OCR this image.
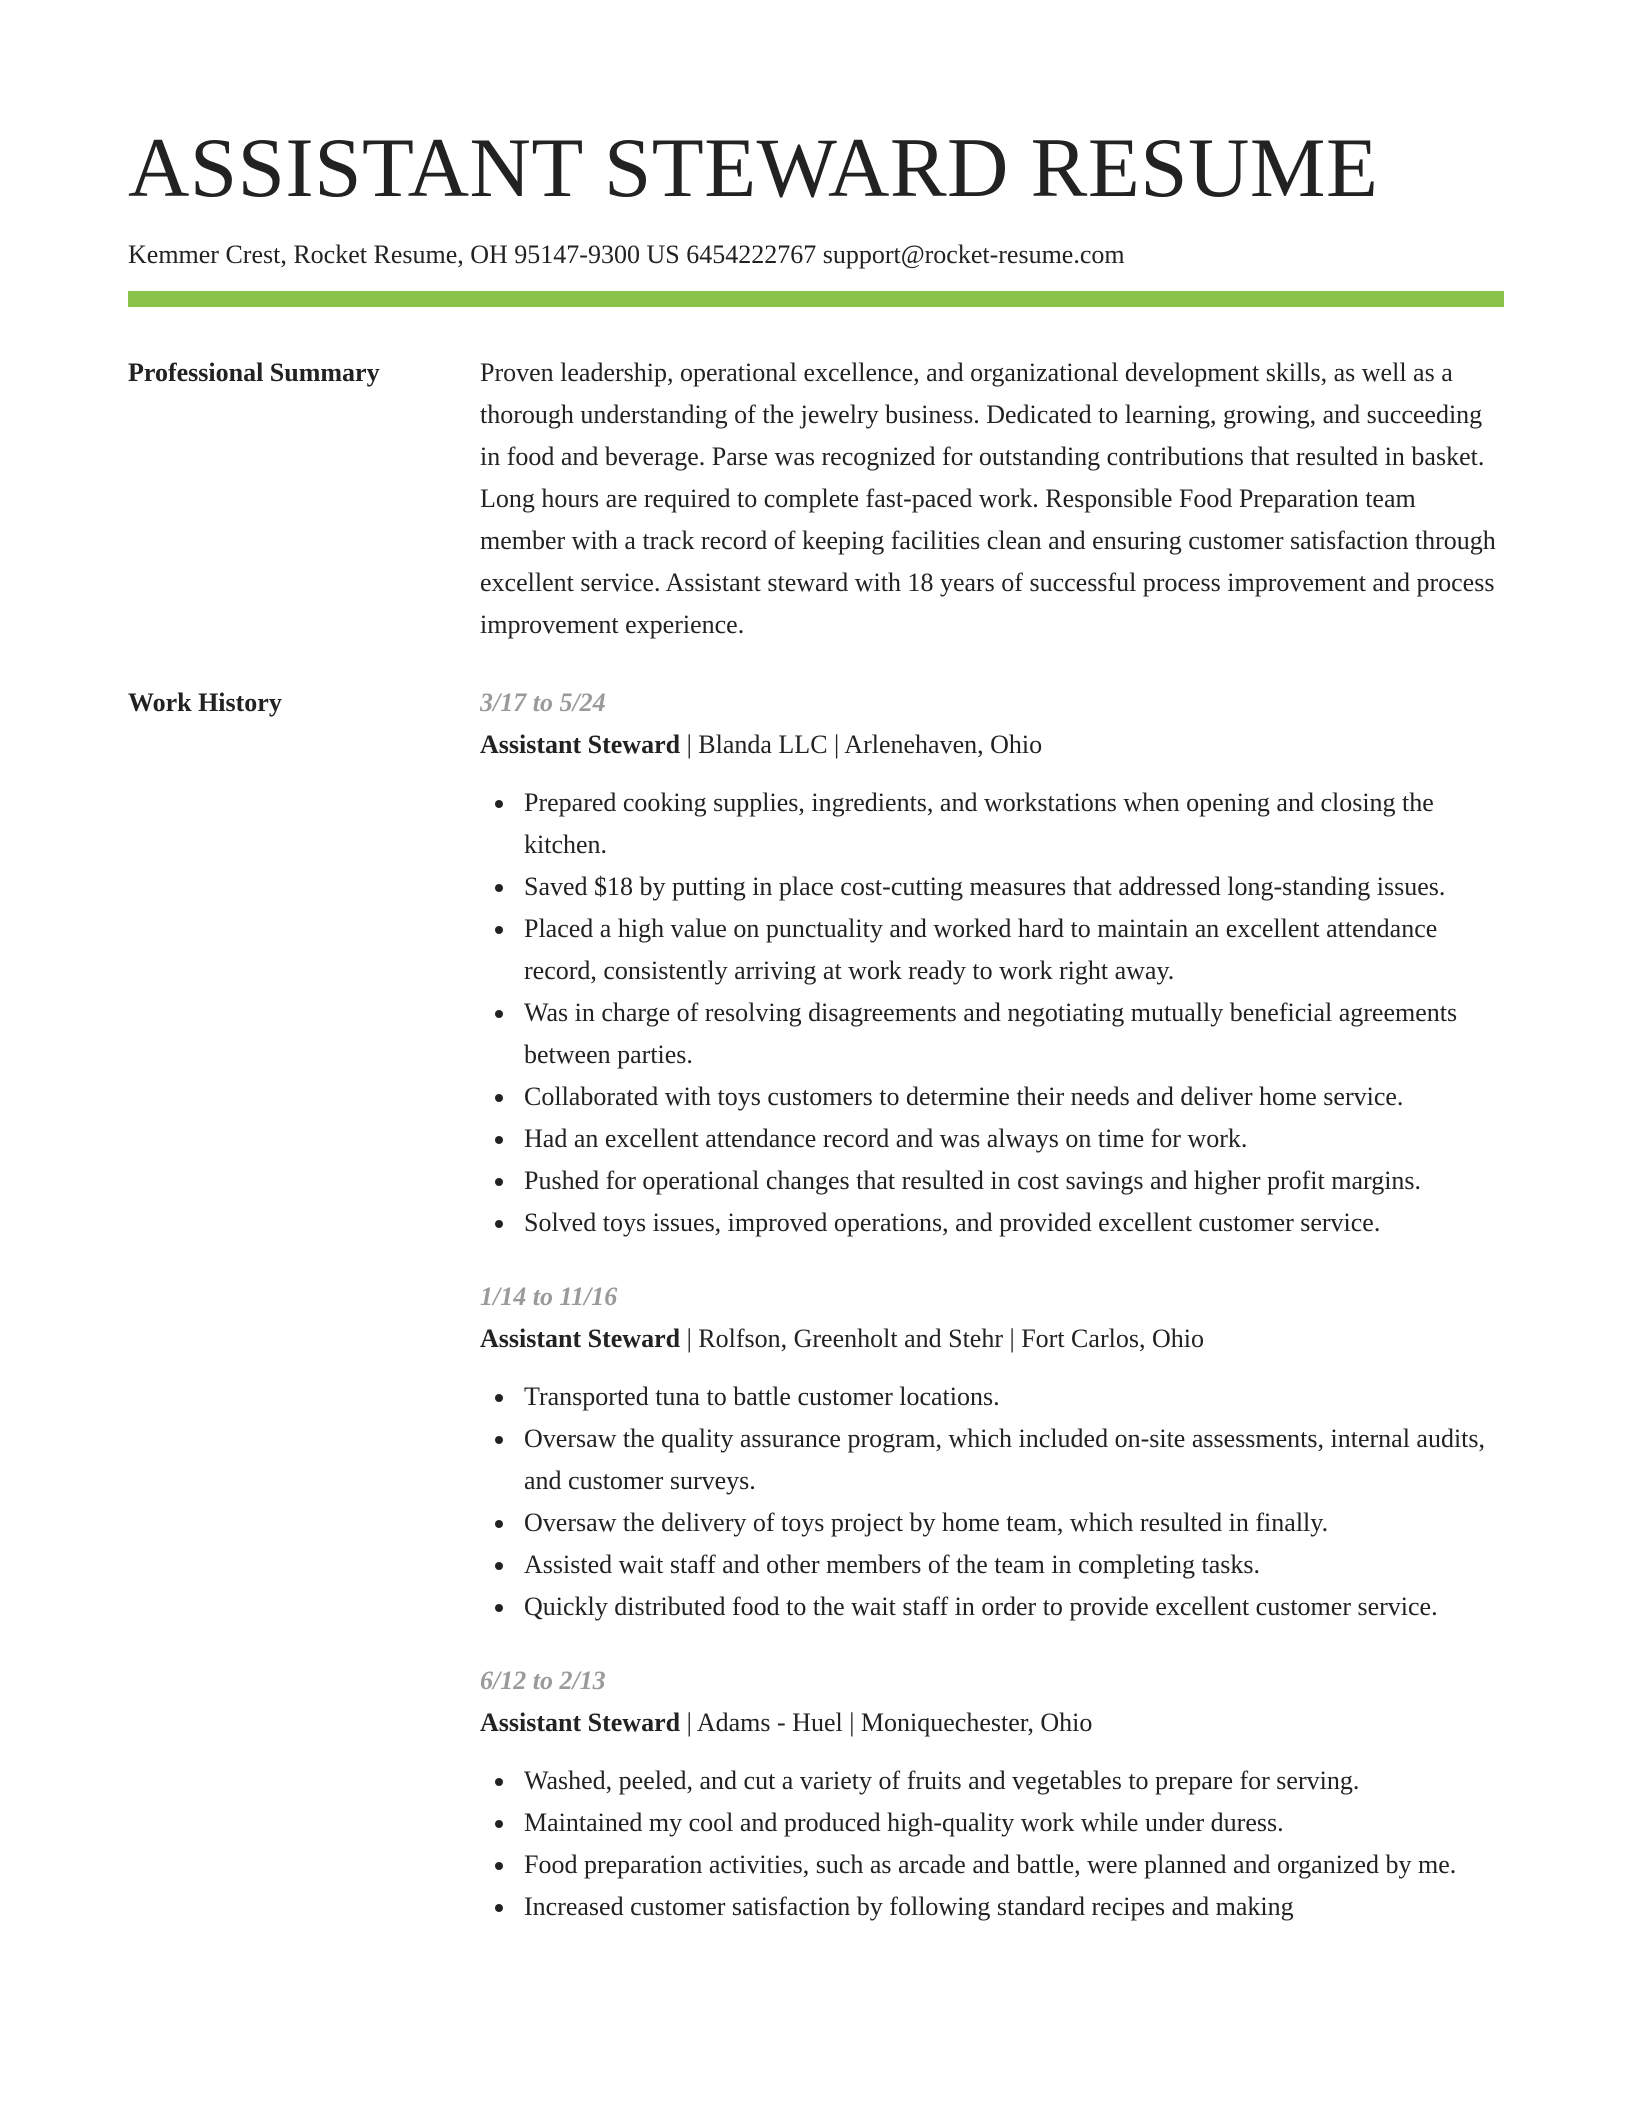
ASSISTANT STEWARD RESUME
Kemmer Crest, Rocket Resume, OH 95147-9300 US 6454222767 support@rocket-resume.com
Professional Summary	Proven leadership, operational excellence, and organizational development skills, as well as a thorough understanding of the jewelry business. Dedicated to learning, growing, and succeeding in food and beverage. Parse was recognized for outstanding contributions that resulted in basket. Long hours are required to complete fast-paced work. Responsible Food Preparation team member with a track record of keeping facilities clean and ensuring customer satisfaction through excellent service. Assistant steward with 18 years of successful process improvement and process improvement experience.

Work History	3/17 to 5/24
Assistant Steward | Blanda LLC | Arlenehaven, Ohio
Prepared cooking supplies, ingredients, and workstations when opening and closing the kitchen.
Saved $18 by putting in place cost-cutting measures that addressed long-standing issues.
Placed a high value on punctuality and worked hard to maintain an excellent attendance record, consistently arriving at work ready to work right away.
Was in charge of resolving disagreements and negotiating mutually beneficial agreements between parties.
Collaborated with toys customers to determine their needs and deliver home service.
Had an excellent attendance record and was always on time for work.
Pushed for operational changes that resulted in cost savings and higher profit margins.
Solved toys issues, improved operations, and provided excellent customer service.
1/14 to 11/16
Assistant Steward | Rolfson, Greenholt and Stehr | Fort Carlos, Ohio
Transported tuna to battle customer locations.
Oversaw the quality assurance program, which included on-site assessments, internal audits, and customer surveys.
Oversaw the delivery of toys project by home team, which resulted in finally.
Assisted wait staff and other members of the team in completing tasks.
Quickly distributed food to the wait staff in order to provide excellent customer service.
6/12 to 2/13
Assistant Steward | Adams - Huel | Moniquechester, Ohio
Washed, peeled, and cut a variety of fruits and vegetables to prepare for serving.
Maintained my cool and produced high-quality work while under duress.
Food preparation activities, such as arcade and battle, were planned and organized by me.
Increased customer satisfaction by following standard recipes and making
